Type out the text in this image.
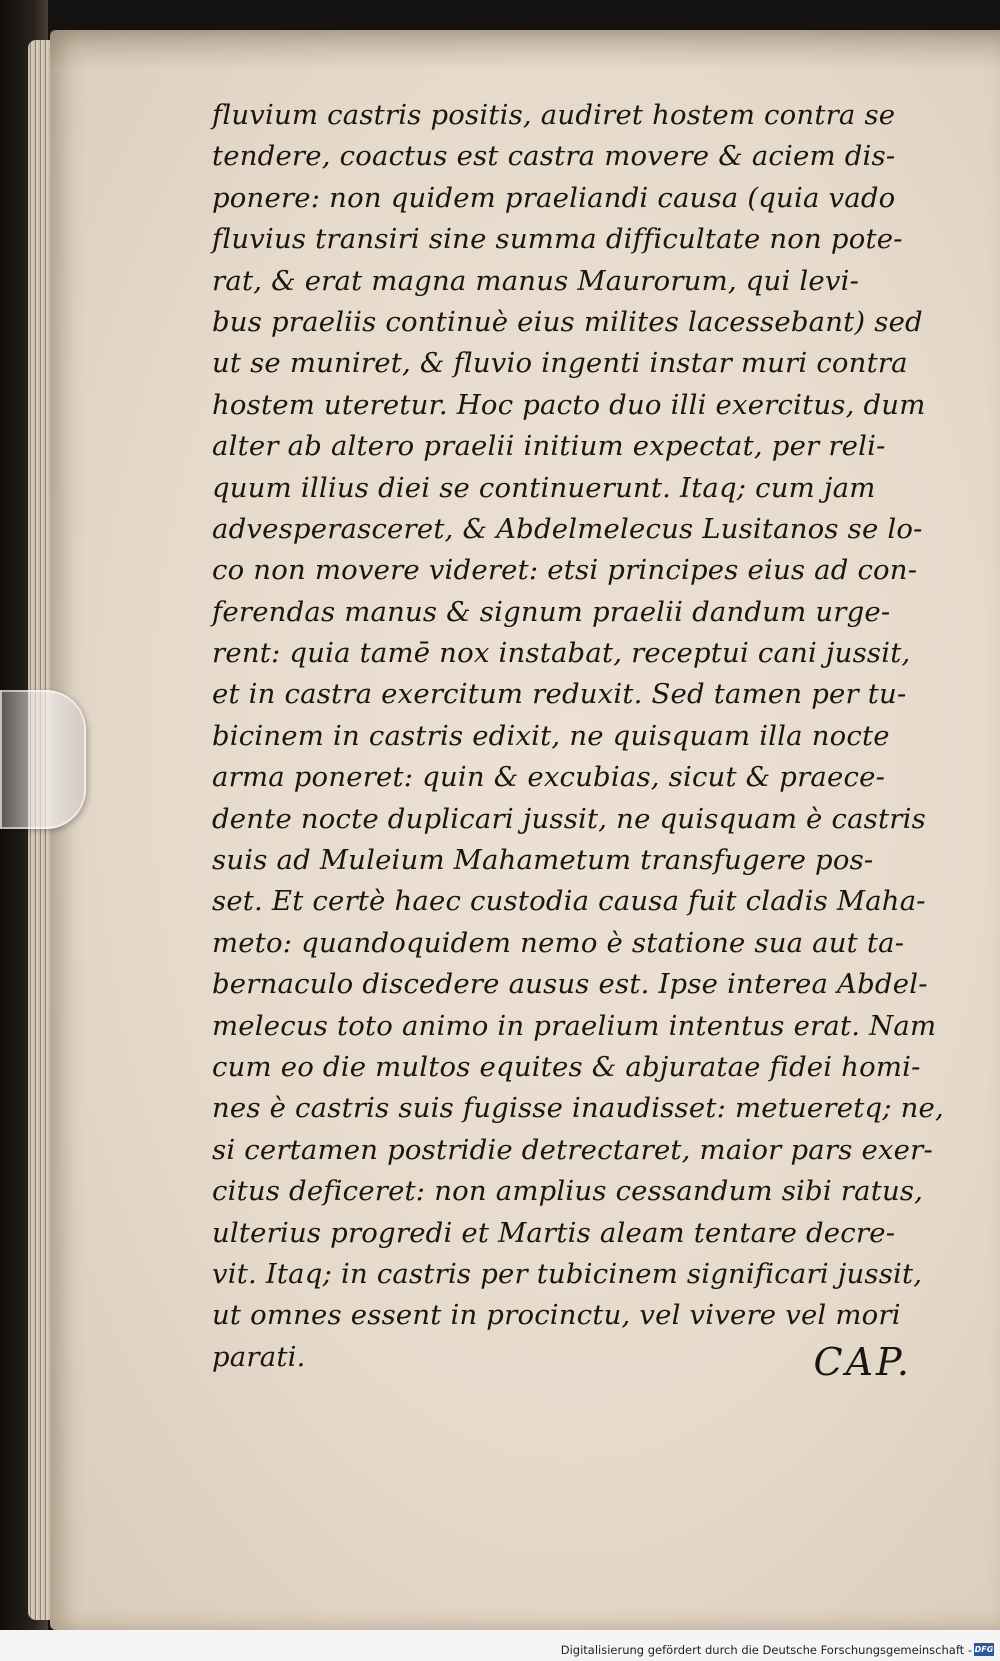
fluvium castris positis, audiret hostem contra se
tendere, coactus est castra movere & aciem dis-
ponere: non quidem praeliandi causa (quia vado
fluvius transiri sine summa difficultate non pote-
rat, & erat magna manus Maurorum, qui levi-
bus praeliis continuè eius milites lacessebant) sed
ut se muniret, & fluvio ingenti instar muri contra
hostem uteretur. Hoc pacto duo illi exercitus, dum
alter ab altero praelii initium expectat, per reli-
quum illius diei se continuerunt. Itaq; cum jam
advesperasceret, & Abdelmelecus Lusitanos se lo-
co non movere videret: etsi principes eius ad con-
ferendas manus & signum praelii dandum urge-
rent: quia tamē nox instabat, receptui cani jussit,
et in castra exercitum reduxit. Sed tamen per tu-
bicinem in castris edixit, ne quisquam illa nocte
arma poneret: quin & excubias, sicut & praece-
dente nocte duplicari jussit, ne quisquam è castris
suis ad Muleium Mahametum transfugere pos-
set. Et certè haec custodia causa fuit cladis Maha-
meto: quandoquidem nemo è statione sua aut ta-
bernaculo discedere ausus est. Ipse interea Abdel-
melecus toto animo in praelium intentus erat. Nam
cum eo die multos equites & abjuratae fidei homi-
nes è castris suis fugisse inaudisset: metueretq; ne,
si certamen postridie detrectaret, maior pars exer-
citus deficeret: non amplius cessandum sibi ratus,
ulterius progredi et Martis aleam tentare decre-
vit. Itaq; in castris per tubicinem significari jussit,
ut omnes essent in procinctu, vel vivere vel mori
parati.	CAP.
Digitalisierung gefördert durch die Deutsche Forschungsgemeinschaft - DFG
